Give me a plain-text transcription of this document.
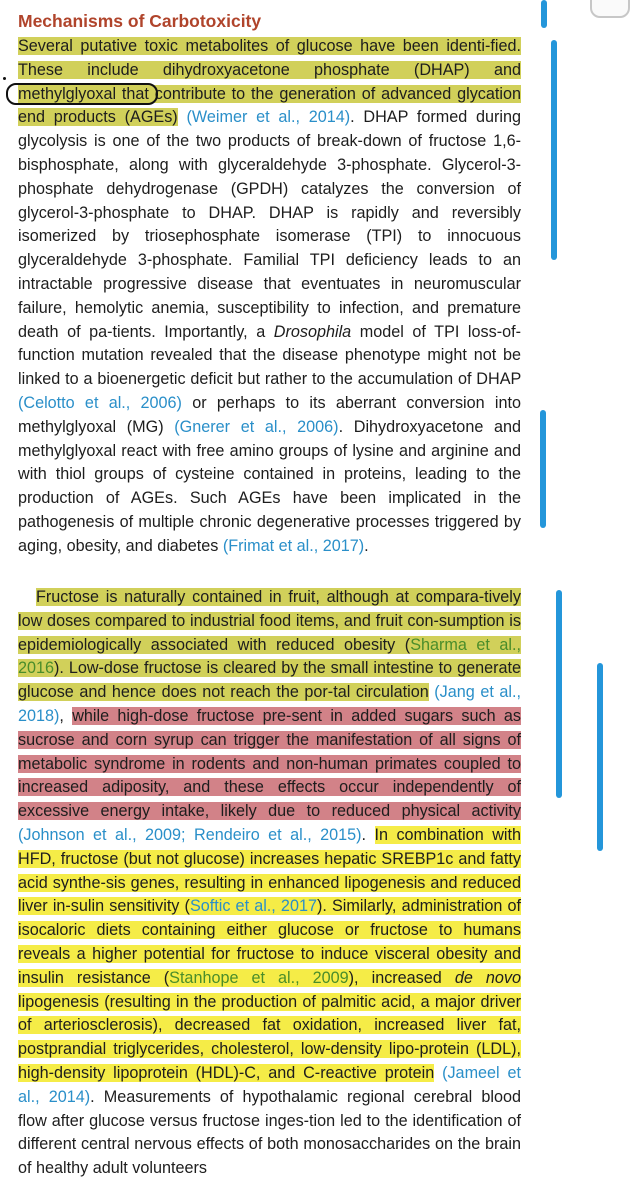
Mechanisms of Carbotoxicity

Several putative toxic metabolites of glucose have been identi-fied. These include dihydroxyacetone phosphate (DHAP) and methylglyoxal that contribute to the generation of advanced glycation end products (AGEs) (Weimer et al., 2014). DHAP formed during glycolysis is one of the two products of break-down of fructose 1,6-bisphosphate, along with glyceraldehyde 3-phosphate. Glycerol-3-phosphate dehydrogenase (GPDH) catalyzes the conversion of glycerol-3-phosphate to DHAP. DHAP is rapidly and reversibly isomerized by triosephosphate isomerase (TPI) to innocuous glyceraldehyde 3-phosphate. Familial TPI deficiency leads to an intractable progressive disease that eventuates in neuromuscular failure, hemolytic anemia, susceptibility to infection, and premature death of pa-tients. Importantly, a Drosophila model of TPI loss-of-function mutation revealed that the disease phenotype might not be linked to a bioenergetic deficit but rather to the accumulation of DHAP (Celotto et al., 2006) or perhaps to its aberrant conversion into methylglyoxal (MG) (Gnerer et al., 2006). Dihydroxyacetone and methylglyoxal react with free amino groups of lysine and arginine and with thiol groups of cysteine contained in proteins, leading to the production of AGEs. Such AGEs have been implicated in the pathogenesis of multiple chronic degenerative processes triggered by aging, obesity, and diabetes (Frimat et al., 2017).

Fructose is naturally contained in fruit, although at compara-tively low doses compared to industrial food items, and fruit con-sumption is epidemiologically associated with reduced obesity (Sharma et al., 2016). Low-dose fructose is cleared by the small intestine to generate glucose and hence does not reach the por-tal circulation (Jang et al., 2018), while high-dose fructose pre-sent in added sugars such as sucrose and corn syrup can trigger the manifestation of all signs of metabolic syndrome in rodents and non-human primates coupled to increased adiposity, and these effects occur independently of excessive energy intake, likely due to reduced physical activity (Johnson et al., 2009; Rendeiro et al., 2015). In combination with HFD, fructose (but not glucose) increases hepatic SREBP1c and fatty acid synthe-sis genes, resulting in enhanced lipogenesis and reduced liver in-sulin sensitivity (Softic et al., 2017). Similarly, administration of isocaloric diets containing either glucose or fructose to humans reveals a higher potential for fructose to induce visceral obesity and insulin resistance (Stanhope et al., 2009), increased de novo lipogenesis (resulting in the production of palmitic acid, a major driver of arteriosclerosis), decreased fat oxidation, increased liver fat, postprandial triglycerides, cholesterol, low-density lipo-protein (LDL), high-density lipoprotein (HDL)-C, and C-reactive protein (Jameel et al., 2014). Measurements of hypothalamic regional cerebral blood flow after glucose versus fructose inges-tion led to the identification of different central nervous effects of both monosaccharides on the brain of healthy adult volunteers
